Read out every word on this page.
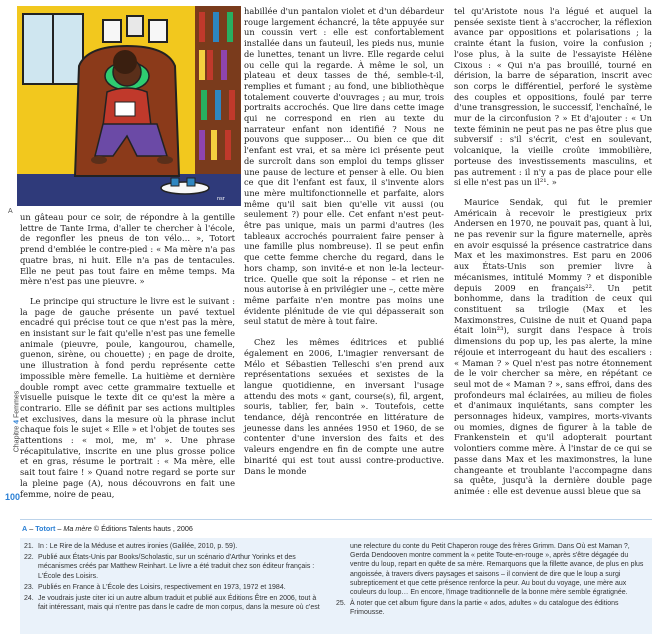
nsr
A

un gâteau pour ce soir, de répondre à la gentille lettre de Tante Irma, d'aller te chercher à l'école, de regonfler les pneus de ton vélo… », Totort prend d'emblée le contre-pied : « Ma mère n'a pas quatre bras, ni huit. Elle n'a pas de tentacules. Elle ne peut pas tout faire en même temps. Ma mère n'est pas une pieuvre. »

Le principe qui structure le livre est le suivant : la page de gauche présente un pavé textuel encadré qui précise tout ce que n'est pas la mère, en insistant sur le fait qu'elle n'est pas une femelle animale (pieuvre, poule, kangourou, chamelle, guenon, sirène, ou chouette) ; en page de droite, une illustration à fond perdu représente cette impossible mère femelle. La huitième et dernière double rompt avec cette grammaire textuelle et visuelle puisque le texte dit ce qu'est la mère a contrario. Elle se définit par ses actions multiples et exclusives, dans la mesure où la phrase inclut chaque fois le sujet « Elle » et l'objet de toutes ses attentions : « moi, me, m' ». Une phrase récapitulative, inscrite en une plus grosse police et en gras, résume le portrait : « Ma mère, elle sait tout faire ! » Quand notre regard se porte sur la pleine page (A), nous découvrons en fait une femme, noire de peau,

habillée d'un pantalon violet et d'un débardeur rouge largement échancré, la tête appuyée sur un coussin vert : elle est confortablement installée dans un fauteuil, les pieds nus, munie de lunettes, tenant un livre. Elle regarde celui ou celle qui la regarde. À même le sol, un plateau et deux tasses de thé, semble-t-il, remplies et fumant ; au fond, une bibliothèque totalement couverte d'ouvrages ; au mur, trois portraits accrochés. Que lire dans cette image qui ne correspond en rien au texte du narrateur enfant non identifié ? Nous ne pouvons que supposer… Ou bien ce que dit l'enfant est vrai, et sa mère ici présente peut de surcroît dans son emploi du temps glisser une pause de lecture et penser à elle. Ou bien ce que dit l'enfant est faux, il s'invente alors une mère multifonctionnelle et parfaite, alors même qu'il sait bien qu'elle vit aussi (ou seulement ?) pour elle. Cet enfant n'est peut-être pas unique, mais un parmi d'autres (les tableaux accrochés pourraient faire penser à une famille plus nombreuse). Il se peut enfin que cette femme cherche du regard, dans le hors champ, son invité-e et non le-la lecteur-trice. Quelle que soit la réponse – et rien ne nous autorise à en privilégier une –, cette mère même parfaite n'en montre pas moins une évidente plénitude de vie qui dépasserait son seul statut de mère à tout faire.

Chez les mêmes éditrices et publié également en 2006, L'imagier renversant de Mélo et Sébastien Telleschi s'en prend aux représentations sexuées et sexistes de la langue quotidienne, en inversant l'usage attendu des mots « gant, course(s), fil, argent, souris, tablier, fer, bain ». Toutefois, cette tendance, déjà rencontrée en littérature de jeunesse dans les années 1950 et 1960, de se contenter d'une inversion des faits et des valeurs engendre en fin de compte une autre binarité qui est tout aussi contre-productive. Dans le monde

tel qu'Aristote nous l'a légué et auquel la pensée sexiste tient à s'accrocher, la réflexion avance par oppositions et polarisations ; la crainte étant la fusion, voire la confusion ; l'ose plus, à la suite de l'essayiste Hélène Cixous : « Qui n'a pas brouillé, tourné en dérision, la barre de séparation, inscrit avec son corps le différentiel, perforé le système des couples et oppositions, foulé par terre d'une transgression, le successif, l'enchaîné, le mur de la circonfusion ? » Et d'ajouter : « Un texte féminin ne peut pas ne pas être plus que subversif : s'il s'écrit, c'est en soulevant, volcanique, la vieille croûte immobilière, porteuse des investissements masculins, et pas autrement : il n'y a pas de place pour elle si elle n'est pas un il²¹. »

Maurice Sendak, qui fut le premier Américain à recevoir le prestigieux prix Andersen en 1970, ne pouvait pas, quant à lui, ne pas revenir sur la figure maternelle, après en avoir esquissé la présence castratrice dans Max et les maximonstres. Est paru en 2006 aux États-Unis son premier livre à mécanismes, intitulé Mommy ? et disponible depuis 2009 en français²². Un petit bonhomme, dans la tradition de ceux qui constituent sa trilogie (Max et les Maximonstres, Cuisine de nuit et Quand papa était loin²³), surgit dans l'espace à trois dimensions du pop up, les pas alerte, la mine réjouie et interrogeant du haut des escaliers : « Maman ? » Quel n'est pas notre étonnement de le voir chercher sa mère, en répétant ce seul mot de « Maman ? », sans effroi, dans des profondeurs mal éclairées, au milieu de fioles et d'animaux inquiétants, sans compter les personnages hideux, vampires, morts-vivants ou momies, dignes de figurer à la table de Frankenstein et qu'il adopterait pourtant volontiers comme mère. À l'instar de ce qui se passe dans Max et les maximonstres, la lune changeante et troublante l'accompagne dans sa quête, jusqu'à la dernière double page animée : elle est devenue aussi bleue que sa

Chapitre 4 Femmes
100
A – Totort – Ma mère © Éditions Talents hauts , 2006
21. In : Le Rire de la Méduse et autres ironies (Galilée, 2010, p. 59).
22. Publié aux États-Unis par Books/Scholastic, sur un scénario d'Arthur Yorinks et des mécanismes créés par Matthew Reinhart. Le livre a été traduit chez son éditeur français : L'École des Loisirs.
23. Publiés en France à L'École des Loisirs, respectivement en 1973, 1972 et 1984.
24. Je voudrais juste citer ici un autre album traduit et publié aux Éditions Être en 2006, tout à fait intéressant, mais qui n'entre pas dans le cadre de mon corpus, dans la mesure où c'est
une relecture du conte du Petit Chaperon rouge des frères Grimm. Dans Où est Maman ?, Gerda Dendooven montre comment la « petite Toute-en-rouge », après s'être dégagée du ventre du loup, repart en quête de sa mère. Remarquons que la fillette avance, de plus en plus angoissée, à travers divers paysages et saisons – il convient de dire que le loup a surgi subrepticement et que cette présence renforce la peur. Au bout du voyage, une mère aux couleurs du loup… En encore, l'image traditionnelle de la bonne mère semble égratignée.
25. À noter que cet album figure dans la partie « ados, adultes » du catalogue des éditions Frimousse.
